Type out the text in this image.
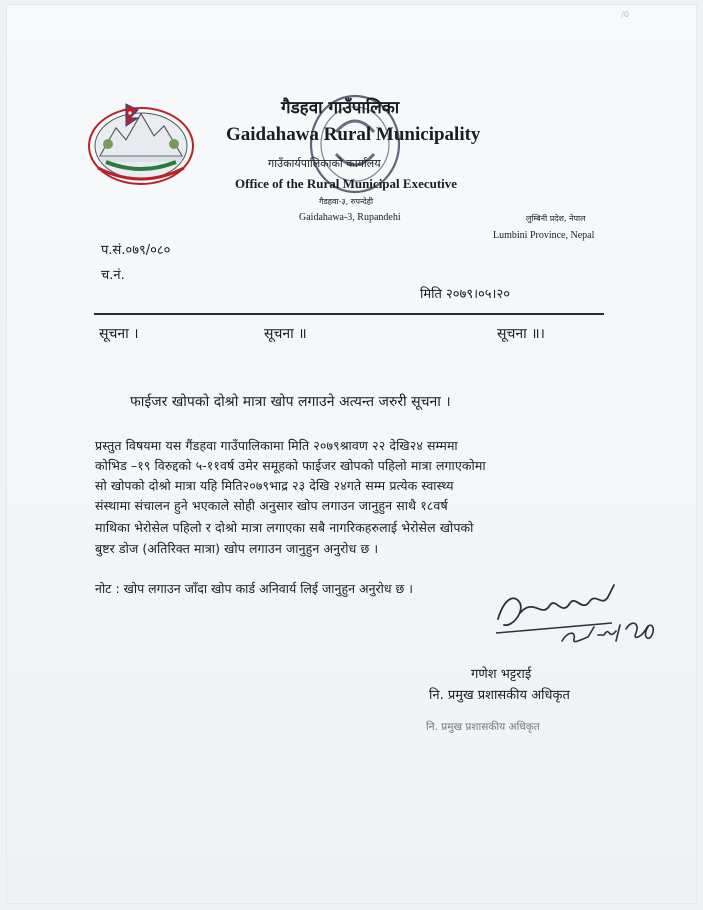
/0
गैडहवा गाउँपालिका
Gaidahawa Rural Municipality
गाउँकार्यपालिकाको कार्यालय
Office of the Rural Municipal Executive
गैडहवा-३, रुपन्देही
Gaidahawa-3, Rupandehi	लुम्बिनी प्रदेश, नेपाल
Lumbini Province, Nepal
प.सं.०७९/०८०
च.नं.
मिति २०७९।०५।२०
सूचना ।	सूचना ॥	सूचना ॥।
फाईजर खोपको दोश्रो मात्रा खोप लगाउने अत्यन्त जरुरी सूचना ।
प्रस्तुत विषयमा यस गैंडहवा गाउँपालिकामा मिति २०७९श्रावण २२ देखि२४ सम्ममा
कोभिड –१९ विरुद्दको ५-११वर्ष उमेर समूहको फाईजर खोपको पहिलो मात्रा लगाएकोमा
सो खोपको दोश्रो मात्रा यहि मिति२०७९भाद्र २३ देखि २४गते सम्म प्रत्येक स्वास्थ्य
संस्थामा संचालन हुने भएकाले सोही अनुसार खोप लगाउन जानुहुन साथै १८वर्ष
माथिका भेरोसेल पहिलो र दोश्रो मात्रा लगाएका सबै नागरिकहरुलाई भेरोसेल खोपको
बुष्टर डोज (अतिरिक्त मात्रा) खोप लगाउन जानुहुन अनुरोध छ ।
नोट : खोप लगाउन जाँदा खोप कार्ड अनिवार्य लिई जानुहुन अनुरोध छ ।
गणेश भट्टराई
नि. प्रमुख प्रशासकीय अधिकृत
नि. प्रमुख प्रशासकीय अधिकृत
